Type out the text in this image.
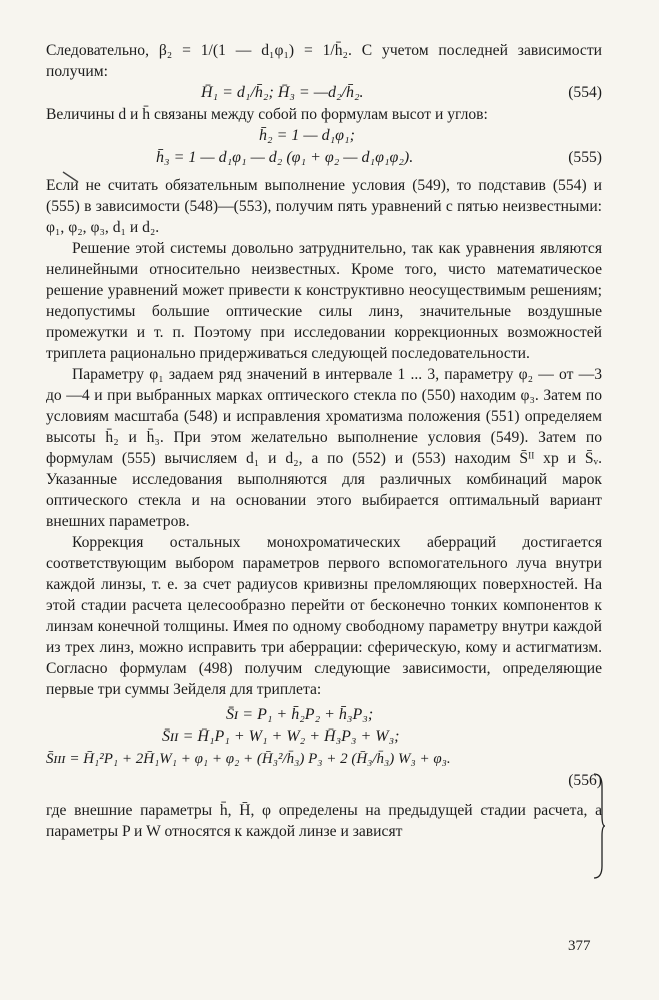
Следовательно, β₂ = 1/(1 — d₁φ₁) = 1/h̄₂. С учетом последней зависимости получим:

H̄₁ = d₁/h̄₂; H̄₃ = —d₂/h̄₂.	(554)

Величины d и h̄ связаны между собой по формулам высот и углов:

h̄₂ = 1 — d₁φ₁;
h̄₃ = 1 — d₁φ₁ — d₂ (φ₁ + φ₂ — d₁φ₁φ₂).	(555)

Если не считать обязательным выполнение условия (549), то подставив (554) и (555) в зависимости (548)—(553), получим пять уравнений с пятью неизвестными: φ₁, φ₂, φ₃, d₁ и d₂.

Решение этой системы довольно затруднительно, так как уравнения являются нелинейными относительно неизвестных. Кроме того, чисто математическое решение уравнений может привести к конструктивно неосуществимым решениям; недопустимы большие оптические силы линз, значительные воздушные промежутки и т. п. Поэтому при исследовании коррекционных возможностей триплета рационально придерживаться следующей последовательности.

Параметру φ₁ задаем ряд значений в интервале 1 ... 3, параметру φ₂ — от —3 до —4 и при выбранных марках оптического стекла по (550) находим φ₃. Затем по условиям масштаба (548) и исправления хроматизма положения (551) определяем высоты h̄₂ и h̄₃. При этом желательно выполнение условия (549). Затем по формулам (555) вычисляем d₁ и d₂, а по (552) и (553) находим S̄ᴵᴵ хр и S̄ᵥ. Указанные исследования выполняются для различных комбинаций марок оптического стекла и на основании этого выбирается оптимальный вариант внешних параметров.

Коррекция остальных монохроматических аберраций достигается соответствующим выбором параметров первого вспомогательного луча внутри каждой линзы, т. е. за счет радиусов кривизны преломляющих поверхностей. На этой стадии расчета целесообразно перейти от бесконечно тонких компонентов к линзам конечной толщины. Имея по одному свободному параметру внутри каждой из трех линз, можно исправить три аберрации: сферическую, кому и астигматизм. Согласно формулам (498) получим следующие зависимости, определяющие первые три суммы Зейделя для триплета:

S̄ɪ = P₁ + h̄₂P₂ + h̄₃P₃;
S̄ɪɪ = H̄₁P₁ + W₁ + W₂ + H̄₃P₃ + W₃;
S̄ɪɪɪ = H̄₁²P₁ + 2H̄₁W₁ + φ₁ + φ₂ + (H̄₃²/h̄₃) P₃ + 2 (H̄₃/h̄₃) W₃ + φ₃.
(556)

где внешние параметры h̄, H̄, φ определены на предыдущей стадии расчета, а параметры P и W относятся к каждой линзе и зависят

377
